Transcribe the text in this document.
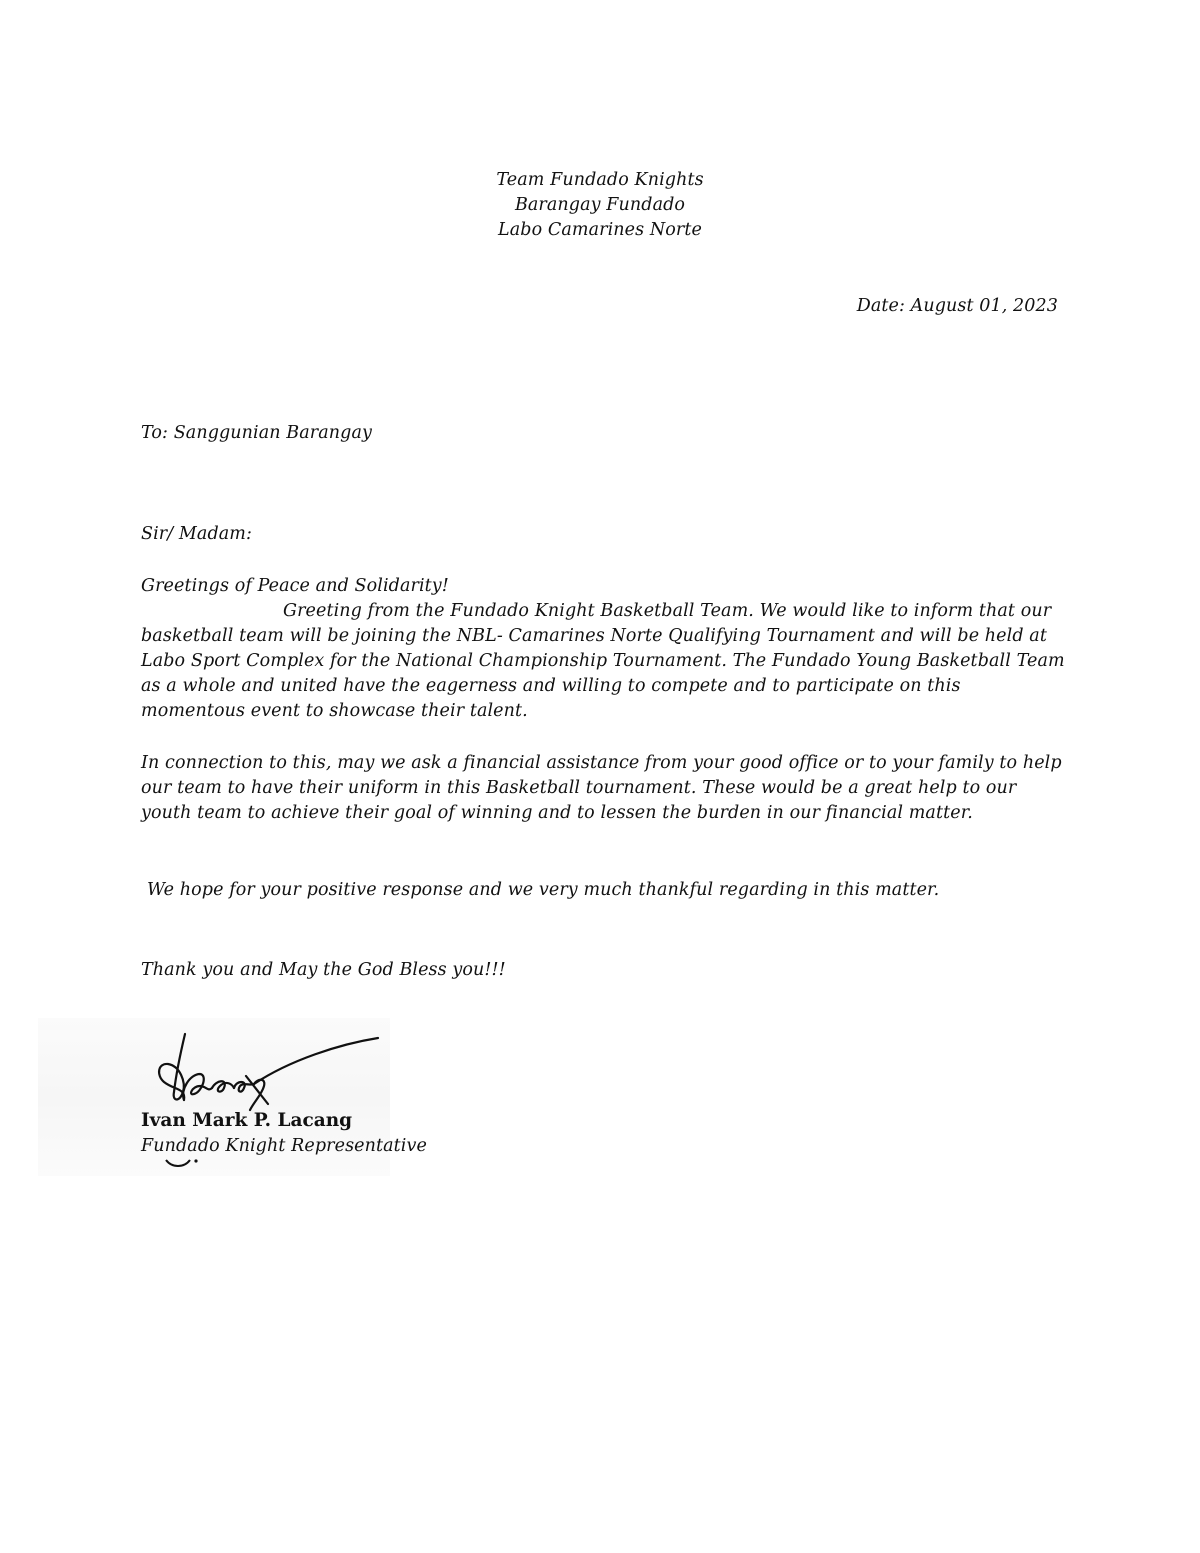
Team Fundado Knights
Barangay Fundado
Labo Camarines Norte
Date: August 01, 2023
To: Sanggunian Barangay
Sir/ Madam:
Greetings of Peace and Solidarity!
Greeting from the Fundado Knight Basketball Team. We would like to inform that our
basketball team will be joining the NBL- Camarines Norte Qualifying Tournament and will be held at
Labo Sport Complex for the National Championship Tournament. The Fundado Young Basketball Team
as a whole and united have the eagerness and willing to compete and to participate on this
momentous event to showcase their talent.
In connection to this, may we ask a financial assistance from your good office or to your family to help
our team to have their uniform in this Basketball tournament. These would be a great help to our
youth team to achieve their goal of winning and to lessen the burden in our financial matter.
We hope for your positive response and we very much thankful regarding in this matter.
Thank you and May the God Bless you!!!
Ivan Mark P. Lacang
Fundado Knight Representative
